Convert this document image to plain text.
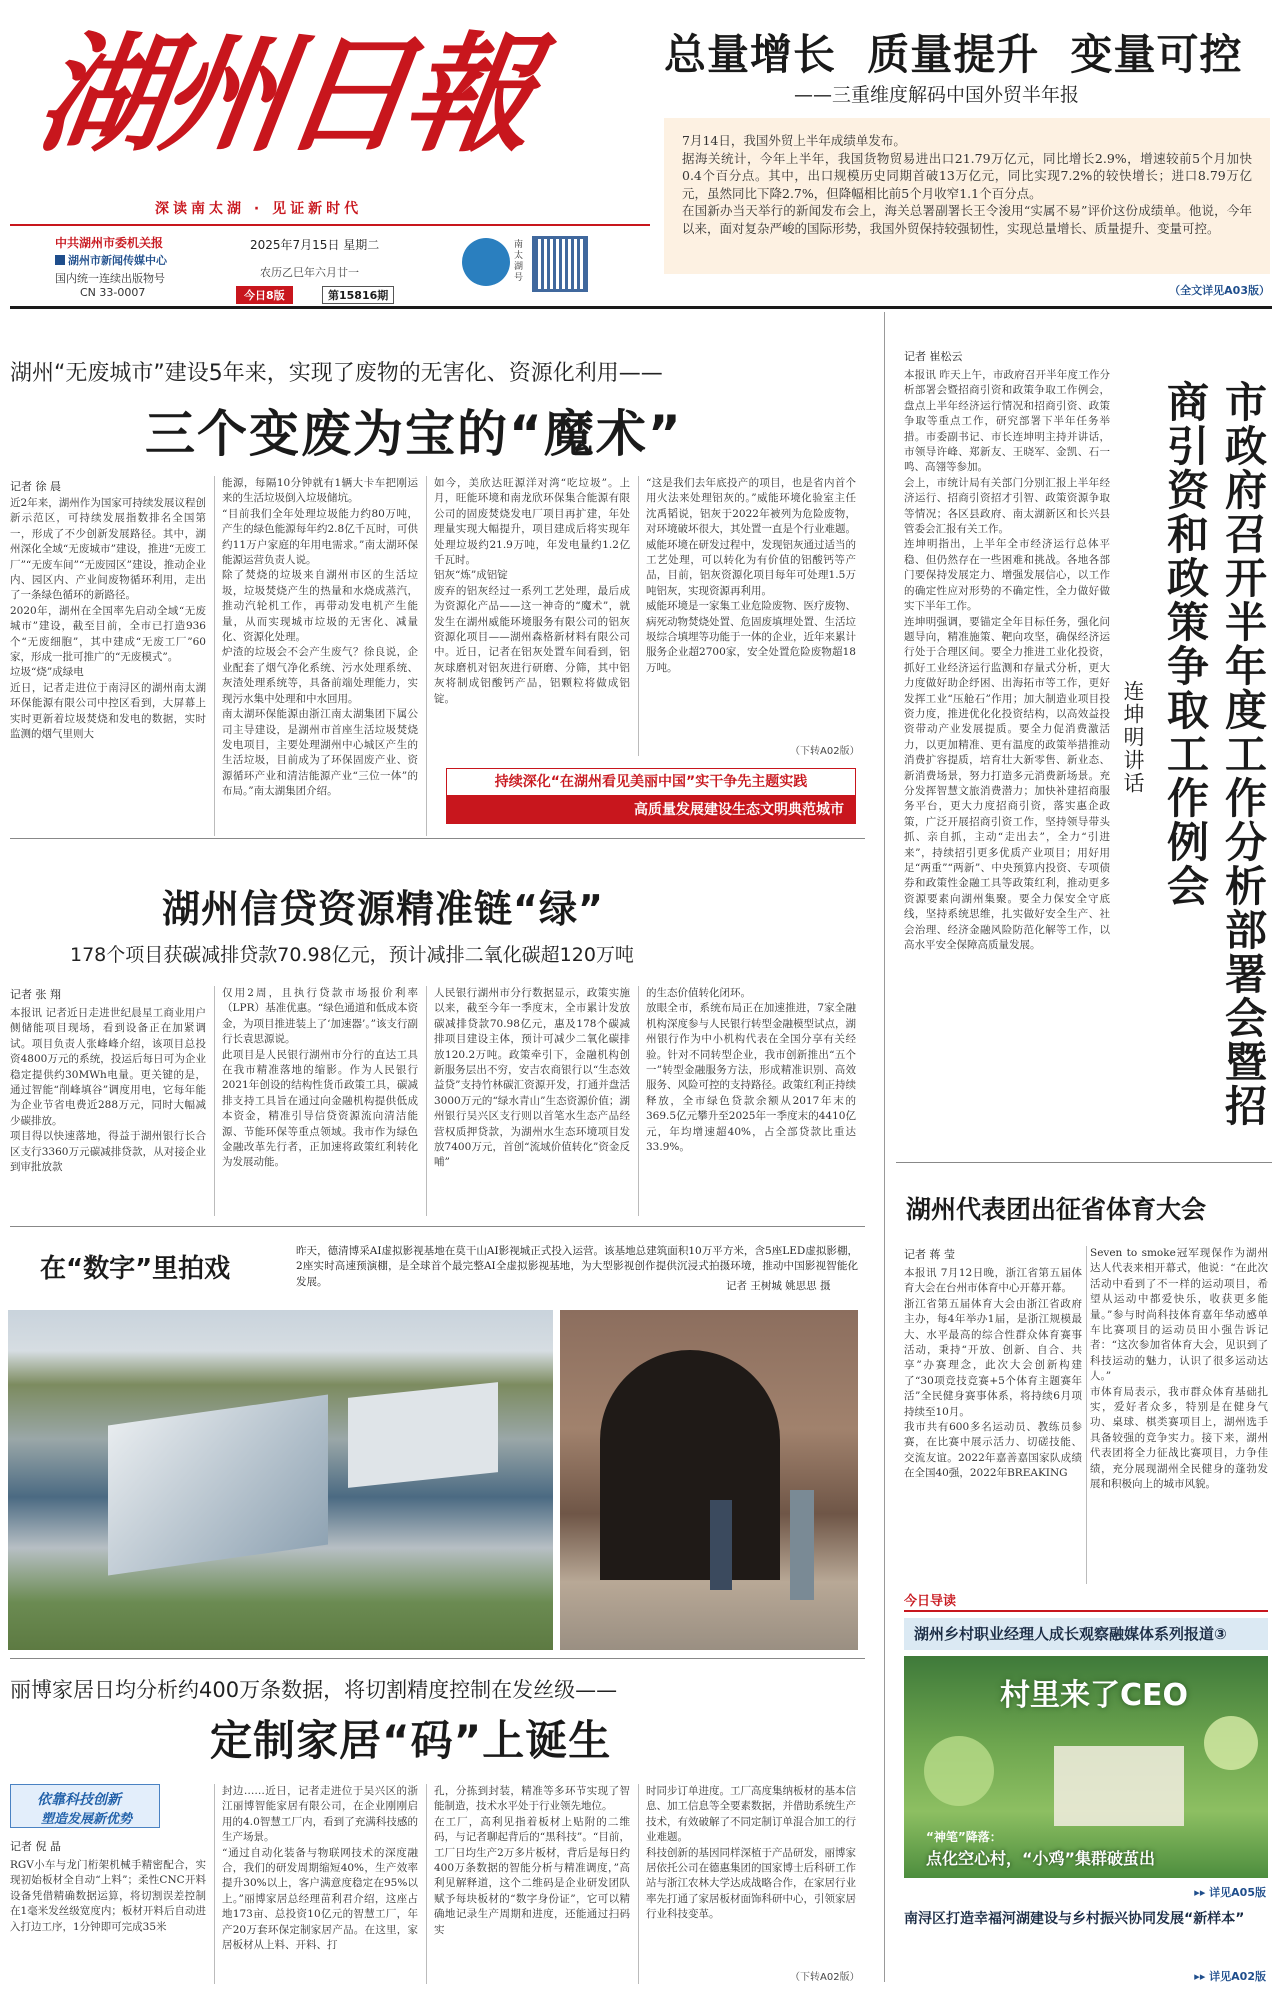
湖州日報
深读南太湖 · 见证新时代
中共湖州市委机关报
湖州市新闻传媒中心
国内统一连续出版物号
CN 33-0007
2025年7月15日 星期二
农历乙巳年六月廿一
今日8版	第15816期
南太湖号
总量增长  质量提升  变量可控
——三重维度解码中国外贸半年报
7月14日，我国外贸上半年成绩单发布。
据海关统计，今年上半年，我国货物贸易进出口21.79万亿元，同比增长2.9%，增速较前5个月加快0.4个百分点。其中，出口规模历史同期首破13万亿元，同比实现7.2%的较快增长；进口8.79万亿元，虽然同比下降2.7%，但降幅相比前5个月收窄1.1个百分点。
在国新办当天举行的新闻发布会上，海关总署副署长王令浚用“实属不易”评价这份成绩单。他说，今年以来，面对复杂严峻的国际形势，我国外贸保持较强韧性，实现总量增长、质量提升、变量可控。
（全文详见A03版）
湖州“无废城市”建设5年来，实现了废物的无害化、资源化利用——
三个变废为宝的“魔术”
记者 徐 晨
近2年来，湖州作为国家可持续发展议程创新示范区，可持续发展指数排名全国第一，形成了不少创新发展路径。其中，湖州深化全域“无废城市”建设，推进“无废工厂”“无废车间”“无废园区”建设，推动企业内、园区内、产业间废物循环利用，走出了一条绿色循环的新路径。
2020年，湖州在全国率先启动全域“无废城市”建设，截至目前，全市已打造936个“无废细胞”，其中建成“无废工厂”60家，形成一批可推广的“无废模式”。
垃圾“烧”成绿电
近日，记者走进位于南浔区的湖州南太湖环保能源有限公司中控区看到，大屏幕上实时更新着垃圾焚烧和发电的数据，实时监测的烟气里则大
能源，每隔10分钟就有1辆大卡车把刚运来的生活垃圾倒入垃圾储坑。
“目前我们全年处理垃圾能力约80万吨，产生的绿色能源每年约2.8亿千瓦时，可供约11万户家庭的年用电需求。”南太湖环保能源运营负责人说。
除了焚烧的垃圾来自湖州市区的生活垃圾，垃圾焚烧产生的热量和水烧成蒸汽，推动汽轮机工作，再带动发电机产生能量，从而实现城市垃圾的无害化、减量化、资源化处理。
炉渣的垃圾会不会产生废气？徐良说，企业配套了烟气净化系统、污水处理系统、灰渣处理系统等，具备前端处理能力，实现污水集中处理和中水回用。
南太湖环保能源由浙江南太湖集团下属公司主导建设，是湖州市首座生活垃圾焚烧发电项目，主要处理湖州中心城区产生的生活垃圾，目前成为了环保固废产业、资源循环产业和清洁能源产业“三位一体”的布局。”南太湖集团介绍。
如今，美欣达旺源洋对湾“吃垃圾”。上月，旺能环境和南龙欣环保集合能源有限公司的固废焚烧发电厂项目再扩建，年处理量实现大幅提升，项目建成后将实现年处理垃圾约21.9万吨，年发电量约1.2亿千瓦时。
铝灰“炼”成铝锭
废弃的铝灰经过一系列工艺处理，最后成为资源化产品——这一神奇的“魔术”，就发生在湖州威能环境服务有限公司的铝灰资源化项目——湖州森格新材料有限公司中。近日，记者在铝灰处置车间看到，铝灰球磨机对铝灰进行研磨、分筛，其中铝灰将制成铝酸钙产品，铝颗粒将做成铝锭。
“这是我们去年底投产的项目，也是省内首个用火法来处理铝灰的。”威能环境化验室主任沈禹韬说，铝灰于2022年被列为危险废物，对环境破坏很大，其处置一直是个行业难题。威能环境在研发过程中，发现铝灰通过适当的工艺处理，可以转化为有价值的铝酸钙等产品，目前，铝灰资源化项目每年可处理1.5万吨铝灰，实现资源再利用。
威能环境是一家集工业危险废物、医疗废物、病死动物焚烧处置、危固废填埋处置、生活垃圾综合填埋等功能于一体的企业，近年来累计服务企业超2700家，安全处置危险废物超18万吨。
（下转A02版）
持续深化“在湖州看见美丽中国”实干争先主题实践
高质量发展建设生态文明典范城市
湖州信贷资源精准链“绿”
178个项目获碳减排贷款70.98亿元，预计减排二氧化碳超120万吨
记者 张 翔
本报讯 记者近日走进世纪晨星工商业用户侧储能项目现场，看到设备正在加紧调试。项目负责人张峰峰介绍，该项目总投资4800万元的系统，投运后每日可为企业稳定提供约30MWh电量。更关键的是，通过智能“削峰填谷”调度用电，它每年能为企业节省电费近288万元，同时大幅减少碳排放。
项目得以快速落地，得益于湖州银行长合区支行3360万元碳减排贷款，从对接企业到审批放款
仅用2周，且执行贷款市场报价利率（LPR）基准优惠。“绿色通道和低成本资金，为项目推进装上了‘加速器’。”该支行副行长袁思源说。
此项目是人民银行湖州市分行的直达工具在我市精准落地的缩影。作为人民银行2021年创设的结构性货币政策工具，碳减排支持工具旨在通过向金融机构提供低成本资金，精准引导信贷资源流向清洁能源、节能环保等重点领域。我市作为绿色金融改革先行者，正加速将政策红利转化为发展动能。
人民银行湖州市分行数据显示，政策实施以来，截至今年一季度末，全市累计发放碳减排贷款70.98亿元，惠及178个碳减排项目建设主体，预计可减少二氧化碳排放120.2万吨。政策牵引下，金融机构创新服务层出不穷，安吉农商银行以“生态效益贷”支持竹林碳汇资源开发，打通并盘活3000万元的“绿水青山”生态资源价值；湖州银行吴兴区支行则以首笔水生态产品经营权质押贷款，为湖州水生态环境项目发放7400万元，首创“流域价值转化”资金反哺”
的生态价值转化闭环。
放眼全市，系统布局正在加速推进，7家全融机构深度参与人民银行转型金融模型试点，湖州银行作为中小机构代表在全国分享有关经验。针对不同转型企业，我市创新推出“五个一”转型金融服务方法，形成精准识别、高效服务、风险可控的支持路径。政策红利正持续释放，全市绿色贷款余额从2017年末的369.5亿元攀升至2025年一季度末的4410亿元，年均增速超40%，占全部贷款比重达33.9%。
在“数字”里拍戏
昨天，德清博采AI虚拟影视基地在莫干山AI影视城正式投入运营。该基地总建筑面积10万平方米，含5座LED虚拟影棚，2座实时高速预演棚，是全球首个最完整AI全虚拟影视基地，为大型影视创作提供沉浸式拍摄环境，推动中国影视智能化发展。	记者 王树城 姚思思 摄
丽博家居日均分析约400万条数据，将切割精度控制在发丝级——
定制家居“码”上诞生
依靠科技创新
塑造发展新优势
记者 倪 晶
RGV小车与龙门桁架机械手精密配合，实现初始板材全自动“上料”；柔性CNC开料设备凭借精确数据运算，将切割误差控制在1毫米发丝级宽度内；板材开料后自动进入打边工序，1分钟即可完成35米
封边……近日，记者走进位于吴兴区的浙江丽博智能家居有限公司，在企业刚刚启用的4.0智慧工厂内，看到了充满科技感的生产场景。
“通过自动化装备与物联网技术的深度融合，我们的研发周期缩短40%，生产效率提升30%以上，客户满意度稳定在95%以上。”丽博家居总经理苗利君介绍，这座占地173亩、总投资10亿元的智慧工厂，年产20万套环保定制家居产品。在这里，家居板材从上料、开料、打
孔，分拣到封装，精准等多环节实现了智能制造，技术水平处于行业领先地位。
在工厂，高利见指着板材上贴附的二维码，与记者聊起背后的“黑科技”。“目前，工厂日均生产2万多片板材，背后是每日约400万条数据的智能分析与精准调度，”高利见解释道，这个二维码是企业研发团队赋予每块板材的“数字身份证”，它可以精确地记录生产周期和进度，还能通过扫码实
时同步订单进度。工厂高度集纳板材的基本信息、加工信息等全要素数据，并借助系统生产技术，有效破解了不同定制订单混合加工的行业难题。
科技创新的基因同样深植于产品研发，丽博家居依托公司在德惠集团的国家博士后科研工作站与浙江农林大学达成战略合作，在家居行业率先打通了家居板材面饰科研中心，引领家居行业科技变革。
（下转A02版）
记者 崔松云
本报讯 昨天上午，市政府召开半年度工作分析部署会暨招商引资和政策争取工作例会，盘点上半年经济运行情况和招商引资、政策争取等重点工作，研究部署下半年任务举措。市委副书记、市长连坤明主持并讲话，市领导许峰、郑新友、王晓军、金凯、石一鸣、高翎等参加。
会上，市统计局有关部门分别汇报上半年经济运行、招商引资招才引智、政策资源争取等情况；各区县政府、南太湖新区和长兴县管委会汇报有关工作。
连坤明指出，上半年全市经济运行总体平稳、但仍然存在一些困难和挑战。各地各部门要保持发展定力、增强发展信心，以工作的确定性应对形势的不确定性，全力做好做实下半年工作。
连坤明强调，要锚定全年目标任务，强化问题导向，精准施策、靶向攻坚，确保经济运行处于合理区间。要全力推进工业化投资，抓好工业经济运行监测和存量式分析，更大力度做好助企纾困、出海拓市等工作，更好发挥工业“压舱石”作用；加大制造业项目投资力度，推进优化化投资结构，以高效益投资带动产业发展提质。要全力促消费激活力，以更加精准、更有温度的政策举措推动消费扩容提质，培育壮大新零售、新业态、新消费场景，努力打造多元消费新场景。充分发挥智慧文旅消费潜力；加快补建招商服务平台，更大力度招商引资，落实惠企政策，广泛开展招商引资工作，坚持领导带头抓、亲自抓，主动“走出去”，全力“引进来”，持续招引更多优质产业项目；用好用足“两重”“两新”、中央预算内投资、专项债券和政策性金融工具等政策红利，推动更多资源要素向湖州集聚。要全力保安全守底线，坚持系统思维，扎实做好安全生产、社会治理、经济金融风险防范化解等工作，以高水平安全保障高质量发展。	市政府召开半年度工作分析部署会暨招商引资和政策争取工作例会
连坤明讲话
湖州代表团出征省体育大会
记者 蒋 莹
本报讯 7月12日晚，浙江省第五届体育大会在台州市体育中心开幕开幕。
浙江省第五届体育大会由浙江省政府主办，每4年举办1届，是浙江规模最大、水平最高的综合性群众体育赛事活动，秉持“开放、创新、自合、共享”办赛理念，此次大会创新构建了“30项竞技竞赛+5个体育主题赛年活”全民健身赛事体系，将持续6月项持续至10月。
我市共有600多名运动员、教练员参赛，在比赛中展示活力、切磋技能、交流友谊。2022年嘉善嘉国家队成绩在全国40强，2022年BREAKING
Seven to smoke冠军现保作为湖州达人代表来相开幕式，他说：“在此次活动中看到了不一样的运动项目，希望从运动中都爱快乐，收获更多能量。”参与时尚科技体育嘉年华动感单车比赛项目的运动员田小强告诉记者：“这次参加省体育大会，见识到了科技运动的魅力，认识了很多运动达人。”
市体育局表示，我市群众体育基础扎实，爱好者众多，特别是在健身气功、桌球、棋类赛项目上，湖州选手具备较强的竞争实力。接下来，湖州代表团将全力征战比赛项目，力争佳绩，充分展现湖州全民健身的蓬勃发展和积极向上的城市风貌。
今日导读
湖州乡村职业经理人成长观察融媒体系列报道③
村里来了CEO
“神笔”降落：
点化空心村，“小鸡”集群破茧出
▸▸ 详见A05版
南浔区打造幸福河湖建设与乡村振兴协同发展“新样本”
▸▸ 详见A02版
